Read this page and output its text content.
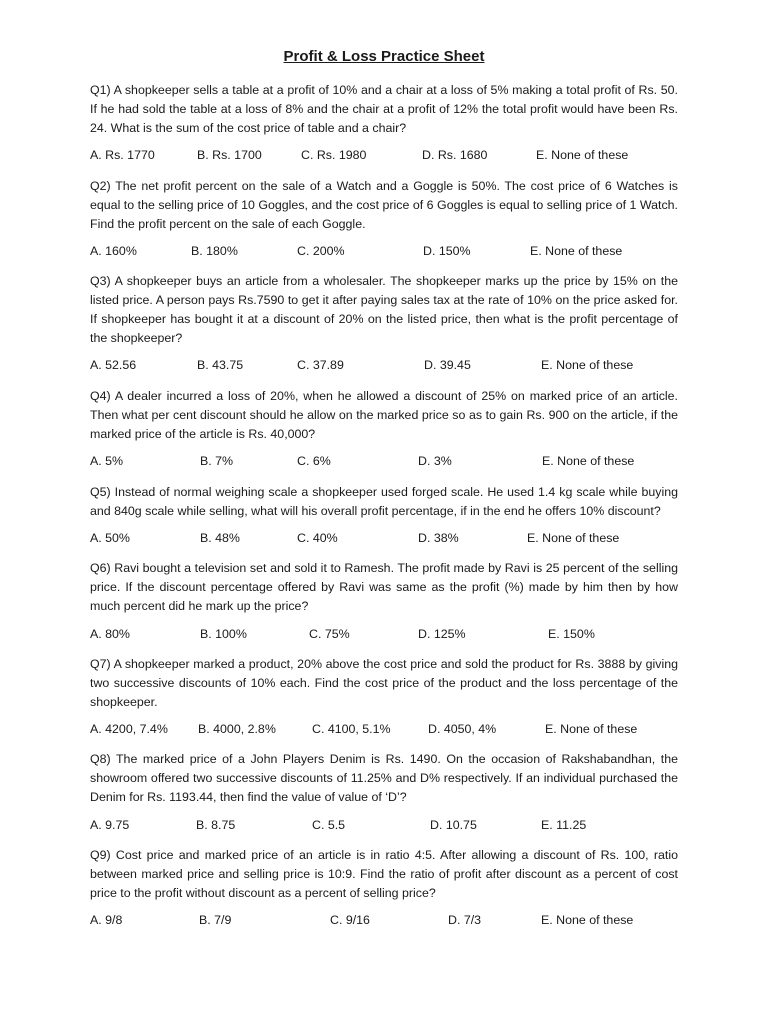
Profit & Loss Practice Sheet
Q1) A shopkeeper sells a table at a profit of 10% and a chair at a loss of 5% making a total profit of Rs. 50. If he had sold the table at a loss of 8% and the chair at a profit of 12% the total profit would have been Rs. 24. What is the sum of the cost price of table and a chair?
A. Rs. 1770	B. Rs. 1700	C. Rs. 1980	D. Rs. 1680	E. None of these
Q2) The net profit percent on the sale of a Watch and a Goggle is 50%. The cost price of 6 Watches is equal to the selling price of 10 Goggles, and the cost price of 6 Goggles is equal to selling price of 1 Watch. Find the profit percent on the sale of each Goggle.
A. 160%	B. 180%	C. 200%	D. 150%	E. None of these
Q3) A shopkeeper buys an article from a wholesaler. The shopkeeper marks up the price by 15% on the listed price. A person pays Rs.7590 to get it after paying sales tax at the rate of 10% on the price asked for. If shopkeeper has bought it at a discount of 20% on the listed price, then what is the profit percentage of the shopkeeper?
A. 52.56	B. 43.75	C. 37.89	D. 39.45	E. None of these
Q4) A dealer incurred a loss of 20%, when he allowed a discount of 25% on marked price of an article. Then what per cent discount should he allow on the marked price so as to gain Rs. 900 on the article, if the marked price of the article is Rs. 40,000?
A. 5%	B. 7%	C. 6%	D. 3%	E. None of these
Q5) Instead of normal weighing scale a shopkeeper used forged scale. He used 1.4 kg scale while buying and 840g scale while selling, what will his overall profit percentage, if in the end he offers 10% discount?
A. 50%	B. 48%	C. 40%	D. 38%	E. None of these
Q6) Ravi bought a television set and sold it to Ramesh. The profit made by Ravi is 25 percent of the selling price. If the discount percentage offered by Ravi was same as the profit (%) made by him then by how much percent did he mark up the price?
A. 80%	B. 100%	C. 75%	D. 125%	E. 150%
Q7) A shopkeeper marked a product, 20% above the cost price and sold the product for Rs. 3888 by giving two successive discounts of 10% each. Find the cost price of the product and the loss percentage of the shopkeeper.
A. 4200, 7.4% B. 4000, 2.8%	C. 4100, 5.1%	D. 4050, 4%	E. None of these
Q8) The marked price of a John Players Denim is Rs. 1490. On the occasion of Rakshabandhan, the showroom offered two successive discounts of 11.25% and D% respectively. If an individual purchased the Denim for Rs. 1193.44, then find the value of value of ‘D’?
A. 9.75	B. 8.75	C. 5.5	D. 10.75	E. 11.25
Q9) Cost price and marked price of an article is in ratio 4:5. After allowing a discount of Rs. 100, ratio between marked price and selling price is 10:9. Find the ratio of profit after discount as a percent of cost price to the profit without discount as a percent of selling price?
A. 9/8	B. 7/9	C. 9/16	D. 7/3	E. None of these
